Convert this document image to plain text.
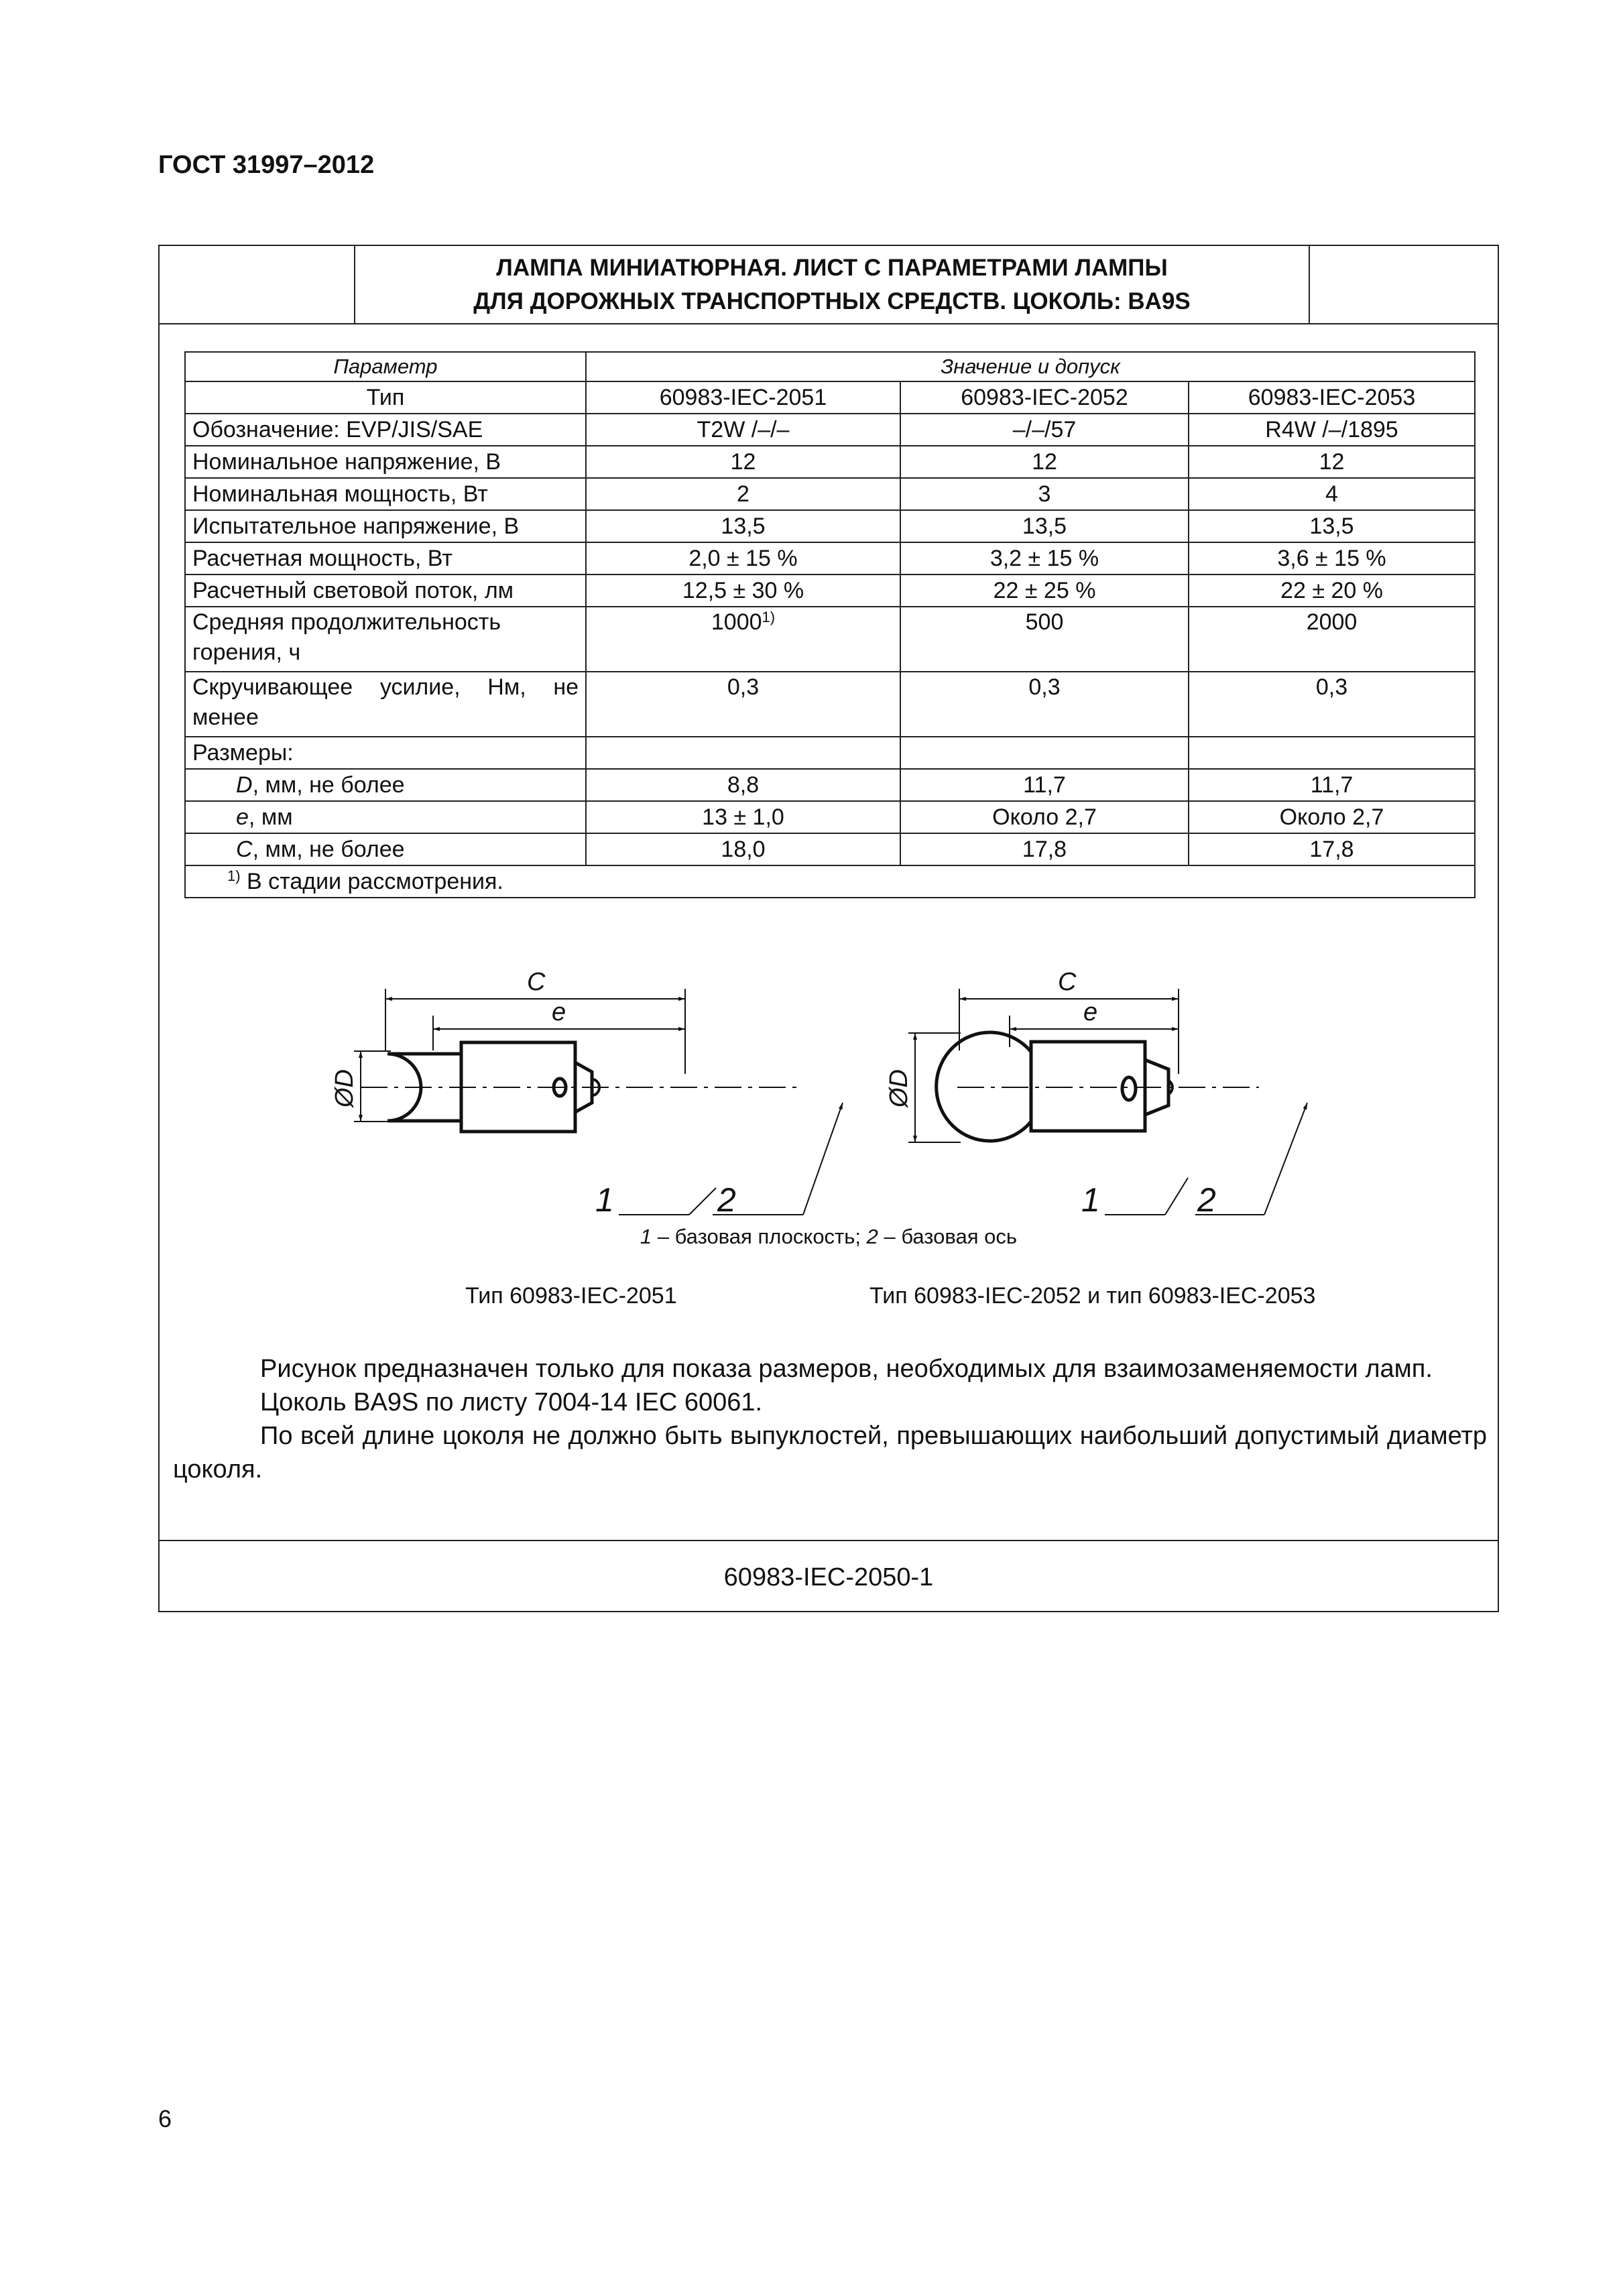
ГОСТ 31997–2012
ЛАМПА МИНИАТЮРНАЯ. ЛИСТ С ПАРАМЕТРАМИ ЛАМПЫ
ДЛЯ ДОРОЖНЫХ ТРАНСПОРТНЫХ СРЕДСТВ. ЦОКОЛЬ: BA9S
Параметр	Значение и допуск		
Тип	60983-IEC-2051	60983-IEC-2052	60983-IEC-2053
Обозначение: EVP/JIS/SAE	T2W /–/–	–/–/57	R4W /–/1895
Номинальное напряжение, В	12	12	12
Номинальная мощность, Вт	2	3	4
Испытательное напряжение, В	13,5	13,5	13,5
Расчетная мощность, Вт	2,0 ± 15 %	3,2 ± 15 %	3,6 ± 15 %
Расчетный световой поток, лм	12,5 ± 30 %	22 ± 25 %	22 ± 20 %

Средняя продолжительность
горения, ч	1000$^{1)}$	500	2000

Скручивающее усилие, Нм, не
менее	0,3	0,3	0,3
Размеры:			
D, мм, не более	8,8	11,7	11,7
e, мм	13 ± 1,0	Около 2,7	Около 2,7
C, мм, не более	18,0	17,8	17,8
$^{1)}$ В стадии рассмотрения.			
C
e
ØD
1	2
C
e
ØD
1	2
1 – базовая плоскость; 2 – базовая ось
Тип 60983-IEC-2051	Тип 60983-IEC-2052 и тип 60983-IEC-2053

Рисунок предназначен только для показа размеров, необходимых для взаимозаменяемости ламп.

Цоколь BA9S по листу 7004-14 IEC 60061.

По всей длине цоколя не должно быть выпуклостей, превышающих наибольший допустимый диаметр цоколя.

60983-IEC-2050-1
6
